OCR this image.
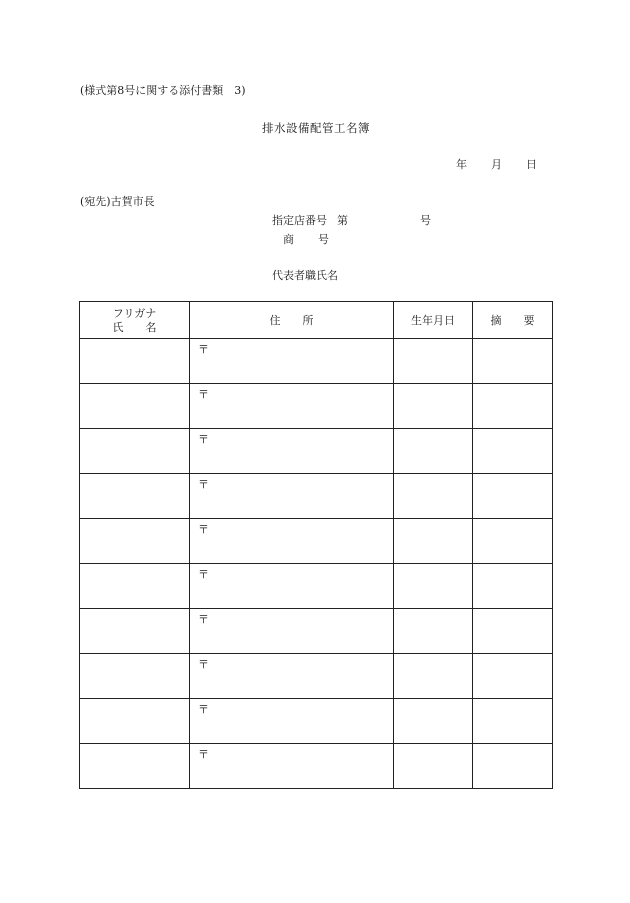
(様式第8号に関する添付書類　3)
排水設備配管工名簿
年 月 日
(宛先)古賀市長
指定店番号 第	号
商 号
代表者職氏名
フリガナ
氏　　名	住　　所	生年月日	摘　　要

	〒		

	〒		

	〒		

	〒		

	〒		

	〒		

	〒		

	〒		

	〒		

	〒		
